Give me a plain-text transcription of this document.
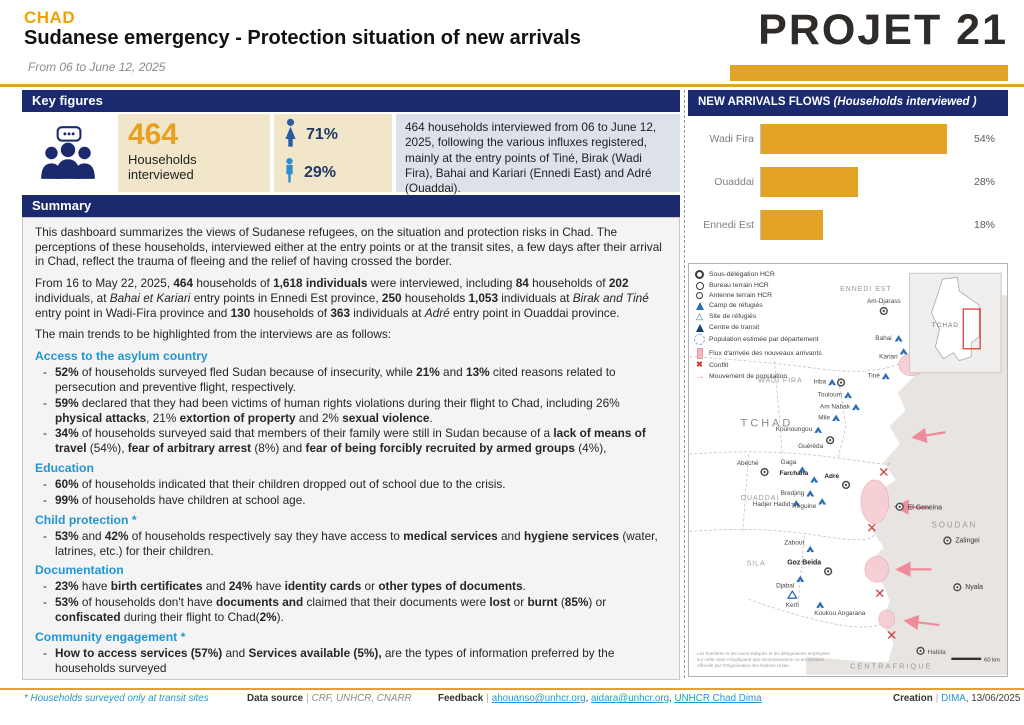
CHAD
Sudanese emergency - Protection situation of new arrivals
From 06 to June 12, 2025
PROJET 21
Key figures
464
Households interviewed
71%
29%
464 households interviewed from 06 to June 12, 2025, following the various influxes registered, mainly at the entry points of Tiné, Birak (Wadi Fira), Bahai and Kariari (Ennedi East) and Adré (Ouaddai).
Summary

This dashboard summarizes the views of Sudanese refugees, on the situation and protection risks in Chad. The perceptions of these households, interviewed either at the entry points or at the transit sites, a few days after their arrival in Chad, reflect the trauma of fleeing and the relief of having crossed the border.

From 16 to May 22, 2025, 464 households of 1,618 individuals were interviewed, including 84 households of 202 individuals, at Bahai et Kariari entry points in Ennedi Est province, 250 households 1,053 individuals at Birak and Tiné entry point in Wadi-Fira province and 130 households of 363 individuals at Adré entry point in Ouaddai province.

The main trends to be highlighted from the interviews are as follows:

Access to the asylum country
- 52% of households surveyed fled Sudan because of insecurity, while 21% and 13% cited reasons related to persecution and preventive flight, respectively.
- 59% declared that they had been victims of human rights violations during their flight to Chad, including 26% physical attacks, 21% extortion of property and 2% sexual violence.
- 34% of households surveyed said that members of their family were still in Sudan because of a lack of means of travel (54%), fear of arbitrary arrest (8%) and fear of being forcibly recruited by armed groups (4%),
Education
- 60% of households indicated that their children dropped out of school due to the crisis.
- 99% of households have children at school age.
Child protection *
- 53% and 42% of households respectively say they have access to medical services and hygiene services (water, latrines, etc.) for their children.
Documentation
- 23% have birth certificates and 24% have identity cards or other types of documents.
- 53% of households don't have documents and claimed that their documents were lost or burnt (85%) or confiscated during their flight to Chad(2%).
Community engagement *
- How to access services (57%) and Services available (5%), are the types of information preferred by the households surveyed
NEW ARRIVALS FLOWS (Households interviewed )
Wadi Fira	54%
Ouaddai	28%
Ennedi Est	18%
ENNEDI EST
Am-Djarass
Bahai
Kariari
WADI FIRA
Tiné
Iriba
Touloum
Am Nabak
Mile
Kounoungou
Guéréda
TCHAD
OUADDAI
Abéché	Gaga
Farchana Adré
Bredjing
Tréguine
Hadjer Hadid
Zabout
SILA	Goz Beida
Djabal
Kerfi
Koukou Angarana
El Geneina
SOUDAN
Zalingei
Nyala
Habila
CENTRAFRIQUE
TCHAD
60 km
Les frontières et les noms indiqués et les désignations employées
sur cette carte n'impliquent pas reconnaissance ou acceptation
officielle par l'Organisation des Nations Unies.
Sous-délégation HCR
Bureau terrain HCR
Antenne terrain HCR
Camp de réfugiés
△ Site de réfugiés
Centre de transit
Population estimée par département
Flux d'arrivée des nouveaux arrivants
✖ Conflit
→ Mouvement de population
* Households surveyed only at transit sites	Data source | CRF, UNHCR, CNARR	Feedback | ahouanso@unhcr.org, aidara@unhcr.org, UNHCR Chad Dima	Creation | DIMA, 13/06/2025
